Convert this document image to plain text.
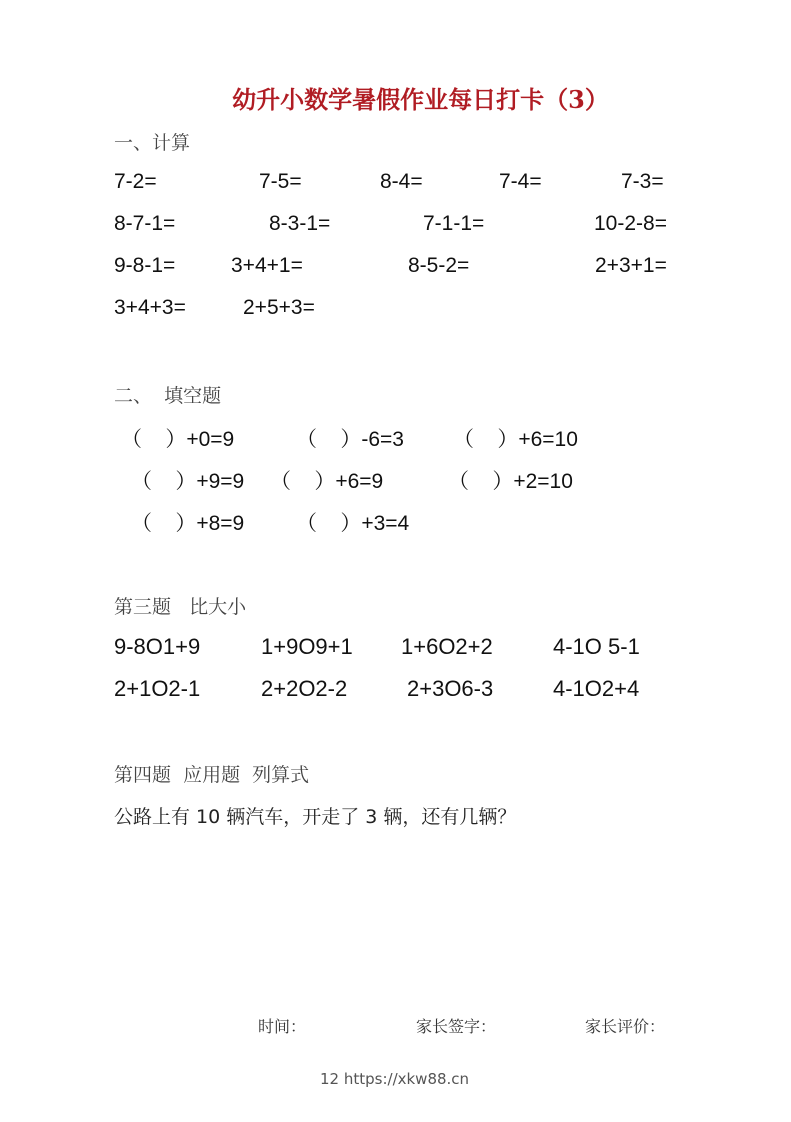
幼升小数学暑假作业每日打卡（3）
一、计算
7-2=	7-5=	8-4=	7-4=	7-3=
8-7-1=	8-3-1=	7-1-1=	10-2-8=
9-8-1=	3+4+1=	8-5-2=	2+3+1=
3+4+3=	2+5+3=
二、  填空题
（    ）+0=9	（    ）-6=3 （    ）+6=10
（    ）+9=9 （    ）+6=9	（    ）+2=10
（    ）+8=9 （    ）+3=4
第三题   比大小
9-8O1+9	1+9O9+1 1+6O2+2	4-1O 5-1
2+1O2-1	2+2O2-2	2+3O6-3	4-1O2+4
第四题  应用题  列算式
公路上有 10 辆汽车，开走了 3 辆，还有几辆？
时间：	家长签字：	家长评价：
12 https://xkw88.cn
